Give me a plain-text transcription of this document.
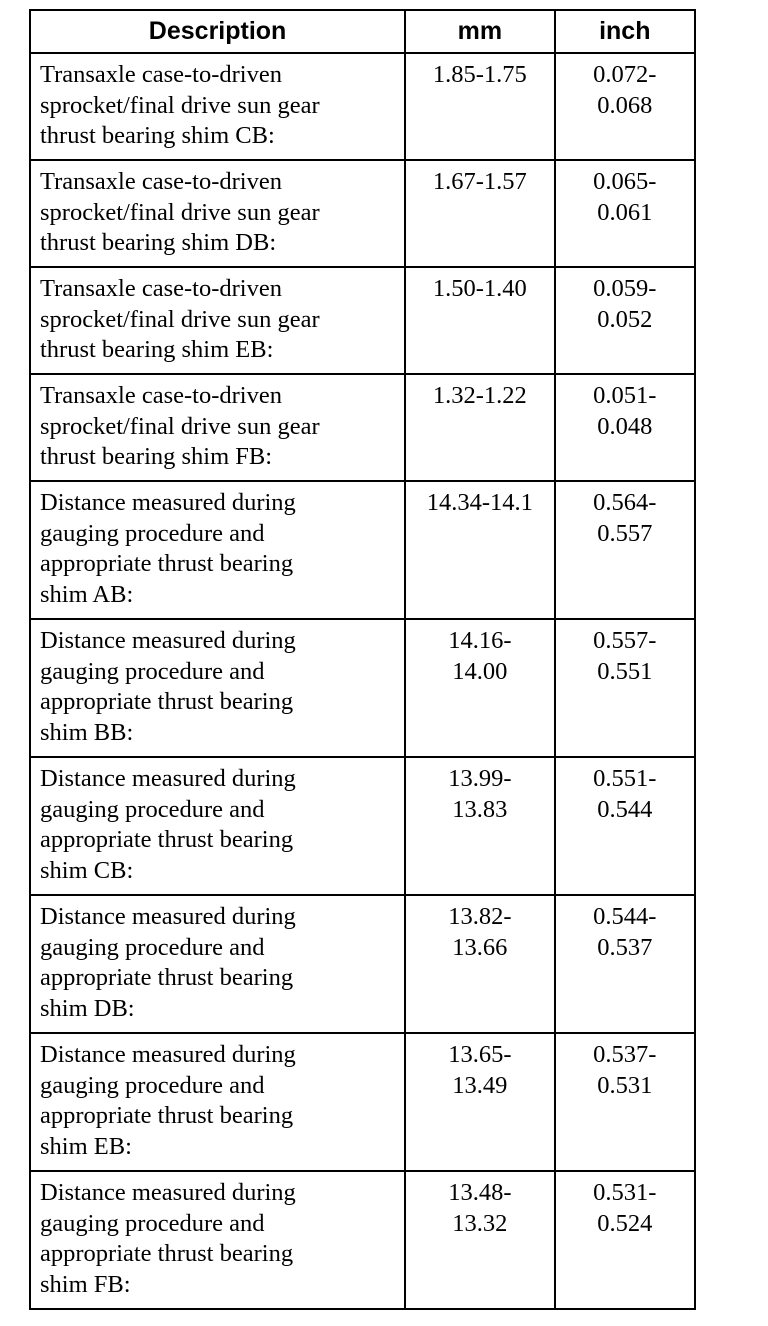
Description	mm	inch

Transaxle case-to-driven
sprocket/final drive sun gear
thrust bearing shim CB:	1.85-1.75	0.072-
0.068

Transaxle case-to-driven
sprocket/final drive sun gear
thrust bearing shim DB:	1.67-1.57	0.065-
0.061

Transaxle case-to-driven
sprocket/final drive sun gear
thrust bearing shim EB:	1.50-1.40	0.059-
0.052

Transaxle case-to-driven
sprocket/final drive sun gear
thrust bearing shim FB:	1.32-1.22	0.051-
0.048

Distance measured during
gauging procedure and
appropriate thrust bearing
shim AB:	14.34-14.1	0.564-
0.557

Distance measured during
gauging procedure and
appropriate thrust bearing
shim BB:	14.16-
14.00	0.557-
0.551

Distance measured during
gauging procedure and
appropriate thrust bearing
shim CB:	13.99-
13.83	0.551-
0.544

Distance measured during
gauging procedure and
appropriate thrust bearing
shim DB:	13.82-
13.66	0.544-
0.537

Distance measured during
gauging procedure and
appropriate thrust bearing
shim EB:	13.65-
13.49	0.537-
0.531

Distance measured during
gauging procedure and
appropriate thrust bearing
shim FB:	13.48-
13.32	0.531-
0.524
